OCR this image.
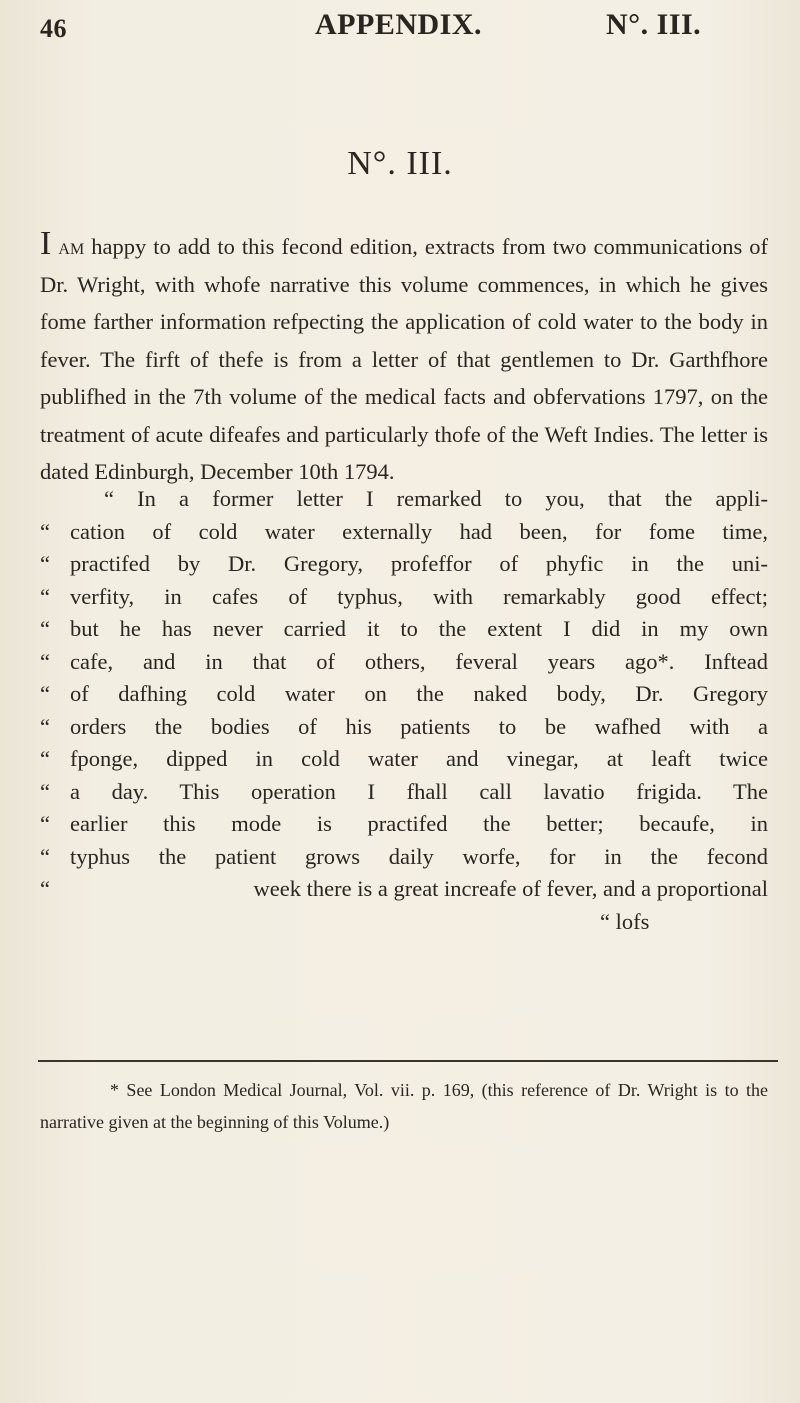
46	APPENDIX.	N°. III.
N°. III.

I am happy to add to this fecond edition, extracts from two communications of Dr. Wright, with whofe narrative this volume commences, in which he gives fome farther information refpecting the application of cold water to the body in fever. The firft of thefe is from a letter of that gentlemen to Dr. Garthfhore publifhed in the 7th volume of the medical facts and obfervations 1797, on the treatment of acute difeafes and particularly thofe of the Weft Indies. The letter is dated Edinburgh, December 10th 1794.

“ In a former letter I remarked to you, that the appli-
“ cation of cold water externally had been, for fome time,
“ practifed by Dr. Gregory, profeffor of phyfic in the uni-
“ verfity, in cafes of typhus, with remarkably good effect;
“ but he has never carried it to the extent I did in my own
“ cafe, and in that of others, feveral years ago*. Inftead
“ of dafhing cold water on the naked body, Dr. Gregory
“ orders the bodies of his patients to be wafhed with a
“ fponge, dipped in cold water and vinegar, at leaft twice
“ a day. This operation I fhall call lavatio frigida. The
“ earlier this mode is practifed the better; becaufe, in
“ typhus the patient grows daily worfe, for in the fecond
“	week there is a great increafe of fever, and a proportional
“ lofs

* See London Medical Journal, Vol. vii. p. 169, (this reference of Dr. Wright is to the narrative given at the beginning of this Volume.)
